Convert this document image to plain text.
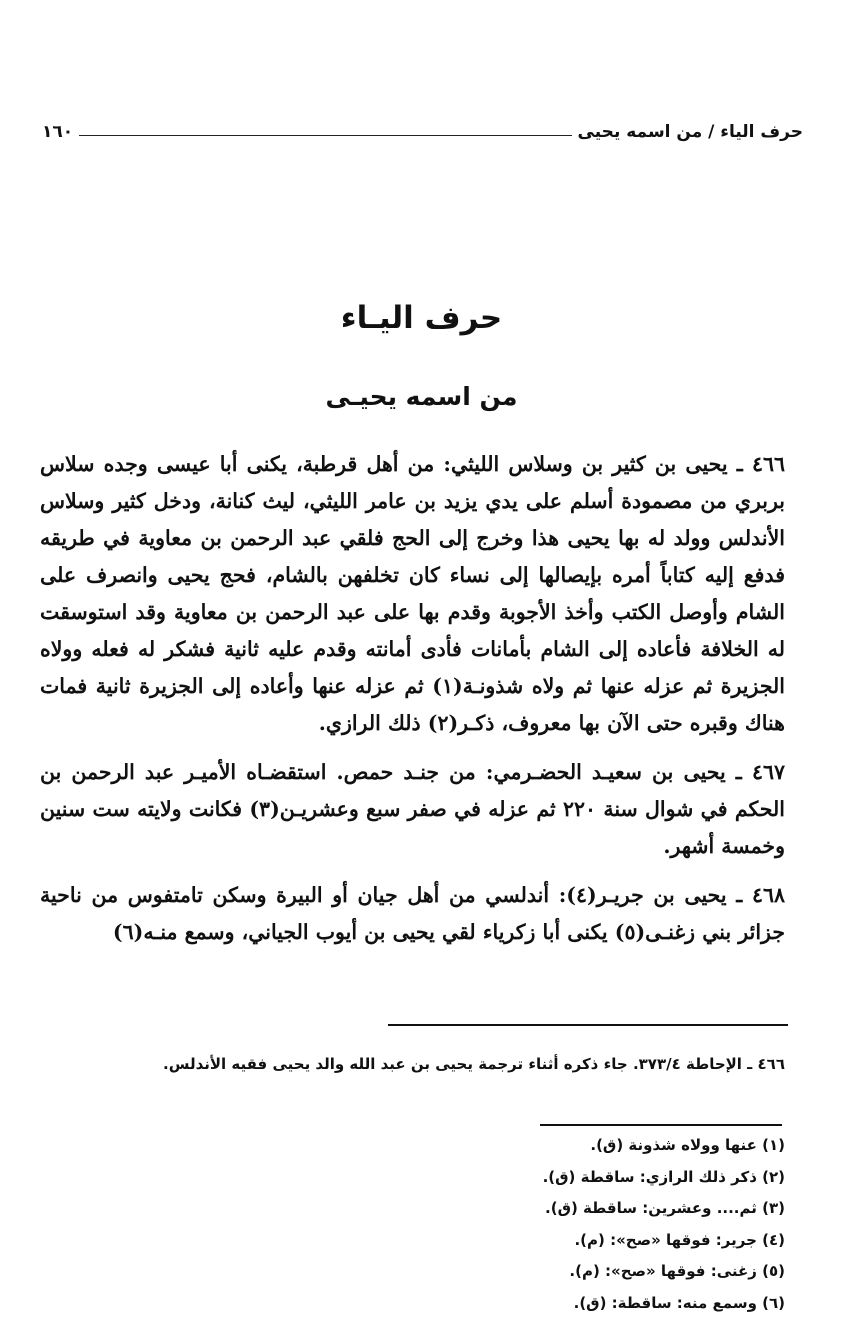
حرف الياء / من اسمه يحيى
١٦٠
حرف اليـاء
من اسمه يحيـى

٤٦٦ ـ يحيى بن كثير بن وسلاس الليثي: من أهل قرطبة، يكنى أبا عيسى وجده سلاس بربري من مصمودة أسلم على يدي يزيد بن عامر الليثي، ليث كنانة، ودخل كثير وسلاس الأندلس وولد له بها يحيى هذا وخرج إلى الحج فلقي عبد الرحمن بن معاوية في طريقه فدفع إليه كتاباً أمره بإيصالها إلى نساء كان تخلفهن بالشام، فحج يحيى وانصرف على الشام وأوصل الكتب وأخذ الأجوبة وقدم بها على عبد الرحمن بن معاوية وقد استوسقت له الخلافة فأعاده إلى الشام بأمانات فأدى أمانته وقدم عليه ثانية فشكر له فعله وولاه الجزيرة ثم عزله عنها ثم ولاه شذونـة(١) ثم عزله عنها وأعاده إلى الجزيرة ثانية فمات هناك وقبره حتى الآن بها معروف، ذكـر(٢) ذلك الرازي.

٤٦٧ ـ يحيى بن سعيـد الحضـرمي: من جنـد حمص. استقضـاه الأميـر عبد الرحمن بن الحكم في شوال سنة ٢٢٠ ثم عزله في صفر سبع وعشريـن(٣) فكانت ولايته ست سنين وخمسة أشهر.

٤٦٨ ـ يحيى بن جريـر(٤): أندلسي من أهل جيان أو البيرة وسكن تامتفوس من ناحية جزائر بني زغنـى(٥) يكنى أبا زكرياء لقي يحيى بن أيوب الجياني، وسمع منـه(٦)

٤٦٦ ـ الإحاطة ٣٧٣/٤. جاء ذكره أثناء ترجمة يحيى بن عبد الله والد يحيى فقيه الأندلس.
(١) عنها وولاه شذونة (ق).
(٢) ذكر ذلك الرازي: ساقطة (ق).
(٣) ثم.... وعشرين: ساقطة (ق).
(٤) جرير: فوقها «صح»: (م).
(٥) زغنى: فوقها «صح»: (م).
(٦) وسمع منه: ساقطة: (ق).
